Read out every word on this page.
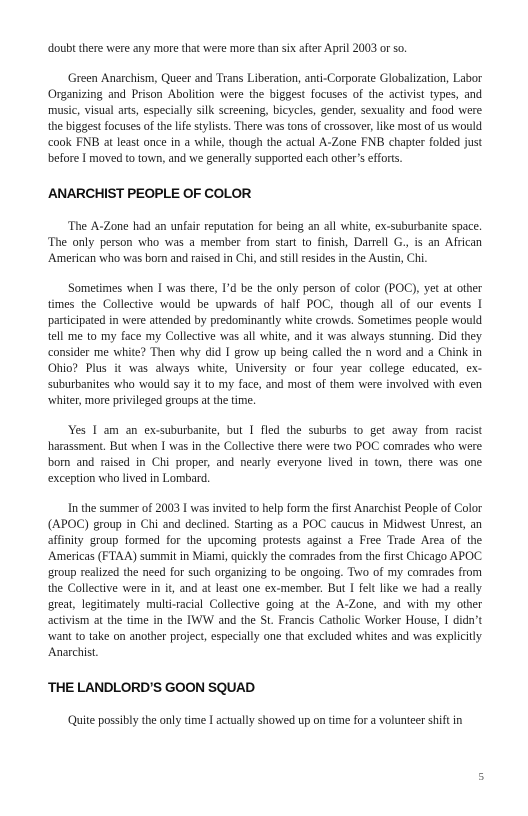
doubt there were any more that were more than six after April 2003 or so.

Green Anarchism, Queer and Trans Liberation, anti-Corporate Globalization, Labor Organizing and Prison Abolition were the biggest focuses of the activist types, and music, visual arts, especially silk screening, bicycles, gender, sexuality and food were the biggest focuses of the life stylists. There was tons of crossover, like most of us would cook FNB at least once in a while, though the actual A-Zone FNB chapter folded just before I moved to town, and we generally supported each other’s efforts.

ANARCHIST PEOPLE OF COLOR

The A-Zone had an unfair reputation for being an all white, ex-suburbanite space. The only person who was a member from start to finish, Darrell G., is an African American who was born and raised in Chi, and still resides in the Austin, Chi.

Sometimes when I was there, I’d be the only person of color (POC), yet at other times the Collective would be upwards of half POC, though all of our events I participated in were attended by predominantly white crowds. Sometimes people would tell me to my face my Collective was all white, and it was always stunning. Did they consider me white? Then why did I grow up being called the n word and a Chink in Ohio? Plus it was always white, University or four year college educated, ex-suburbanites who would say it to my face, and most of them were involved with even whiter, more privileged groups at the time.

Yes I am an ex-suburbanite, but I fled the suburbs to get away from racist harassment. But when I was in the Collective there were two POC comrades who were born and raised in Chi proper, and nearly everyone lived in town, there was one exception who lived in Lombard.

In the summer of 2003 I was invited to help form the first Anarchist People of Color (APOC) group in Chi and declined. Starting as a POC caucus in Midwest Unrest, an affinity group formed for the upcoming protests against a Free Trade Area of the Americas (FTAA) summit in Miami, quickly the comrades from the first Chicago APOC group realized the need for such organizing to be ongoing. Two of my comrades from the Collective were in it, and at least one ex-member. But I felt like we had a really great, legitimately multi-racial Collective going at the A-Zone, and with my other activism at the time in the IWW and the St. Francis Catholic Worker House, I didn’t want to take on another project, especially one that excluded whites and was explicitly Anarchist.

THE LANDLORD’S GOON SQUAD

Quite possibly the only time I actually showed up on time for a volunteer shift in

5
